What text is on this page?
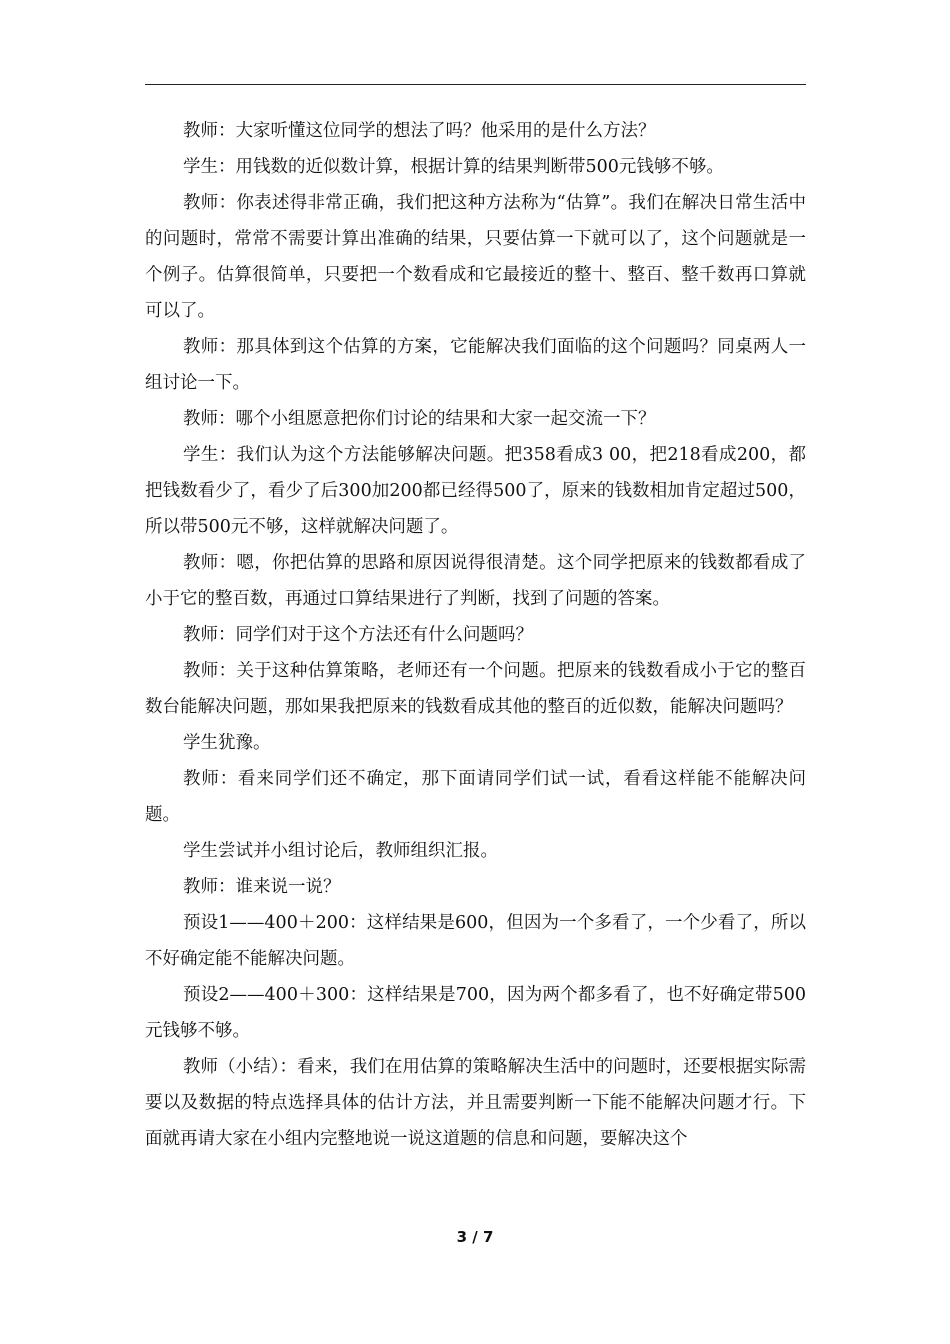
教师：大家听懂这位同学的想法了吗？他采用的是什么方法？

学生：用钱数的近似数计算，根据计算的结果判断带500元钱够不够。

教师：你表述得非常正确，我们把这种方法称为“估算”。我们在解决日常生活中的问题时，常常不需要计算出准确的结果，只要估算一下就可以了，这个问题就是一个例子。估算很简单，只要把一个数看成和它最接近的整十、整百、整千数再口算就可以了。

教师：那具体到这个估算的方案，它能解决我们面临的这个问题吗？同桌两人一组讨论一下。

教师：哪个小组愿意把你们讨论的结果和大家一起交流一下？

学生：我们认为这个方法能够解决问题。把358看成3 00，把218看成200，都把钱数看少了，看少了后300加200都已经得500了，原来的钱数相加肯定超过500，所以带500元不够，这样就解决问题了。

教师：嗯，你把估算的思路和原因说得很清楚。这个同学把原来的钱数都看成了小于它的整百数，再通过口算结果进行了判断，找到了问题的答案。

教师：同学们对于这个方法还有什么问题吗？

教师：关于这种估算策略，老师还有一个问题。把原来的钱数看成小于它的整百数台能解决问题，那如果我把原来的钱数看成其他的整百的近似数，能解决问题吗？

学生犹豫。

教师：看来同学们还不确定，那下面请同学们试一试，看看这样能不能解决问题。

学生尝试并小组讨论后，教师组织汇报。

教师：谁来说一说？

预设1——400＋200：这样结果是600，但因为一个多看了，一个少看了，所以不好确定能不能解决问题。

预设2——400＋300：这样结果是700，因为两个都多看了，也不好确定带500元钱够不够。

教师（小结）：看来，我们在用估算的策略解决生活中的问题时，还要根据实际需要以及数据的特点选择具体的估计方法，并且需要判断一下能不能解决问题才行。下面就再请大家在小组内完整地说一说这道题的信息和问题，要解决这个

3 / 7
